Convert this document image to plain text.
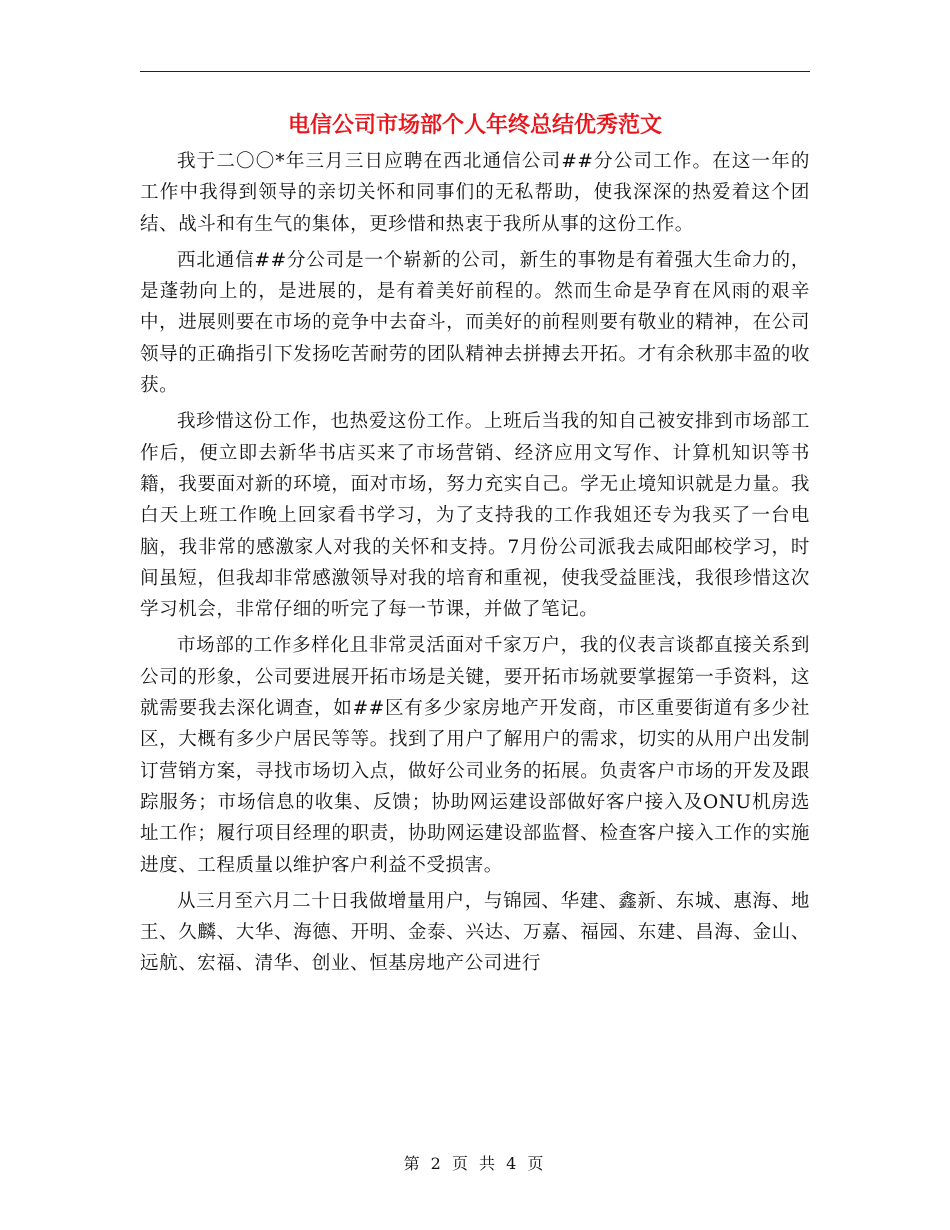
电信公司市场部个人年终总结优秀范文

我于二〇〇*年三月三日应聘在西北通信公司##分公司工作。在这一年的工作中我得到领导的亲切关怀和同事们的无私帮助，使我深深的热爱着这个团结、战斗和有生气的集体，更珍惜和热衷于我所从事的这份工作。

西北通信##分公司是一个崭新的公司，新生的事物是有着强大生命力的，是蓬勃向上的，是进展的，是有着美好前程的。然而生命是孕育在风雨的艰辛中，进展则要在市场的竞争中去奋斗，而美好的前程则要有敬业的精神，在公司领导的正确指引下发扬吃苦耐劳的团队精神去拼搏去开拓。才有余秋那丰盈的收获。

我珍惜这份工作，也热爱这份工作。上班后当我的知自己被安排到市场部工作后，便立即去新华书店买来了市场营销、经济应用文写作、计算机知识等书籍，我要面对新的环境，面对市场，努力充实自己。学无止境知识就是力量。我白天上班工作晚上回家看书学习，为了支持我的工作我姐还专为我买了一台电脑，我非常的感激家人对我的关怀和支持。7月份公司派我去咸阳邮校学习，时间虽短，但我却非常感激领导对我的培育和重视，使我受益匪浅，我很珍惜这次学习机会，非常仔细的听完了每一节课，并做了笔记。

市场部的工作多样化且非常灵活面对千家万户，我的仪表言谈都直接关系到公司的形象，公司要进展开拓市场是关键，要开拓市场就要掌握第一手资料，这就需要我去深化调查，如##区有多少家房地产开发商，市区重要街道有多少社区，大概有多少户居民等等。找到了用户了解用户的需求，切实的从用户出发制订营销方案，寻找市场切入点，做好公司业务的拓展。负责客户市场的开发及跟踪服务；市场信息的收集、反馈；协助网运建设部做好客户接入及ONU机房选址工作；履行项目经理的职责，协助网运建设部监督、检查客户接入工作的实施进度、工程质量以维护客户利益不受损害。

从三月至六月二十日我做增量用户，与锦园、华建、鑫新、东城、惠海、地王、久麟、大华、海德、开明、金泰、兴达、万嘉、福园、东建、昌海、金山、远航、宏福、清华、创业、恒基房地产公司进行

第 2 页 共 4 页
